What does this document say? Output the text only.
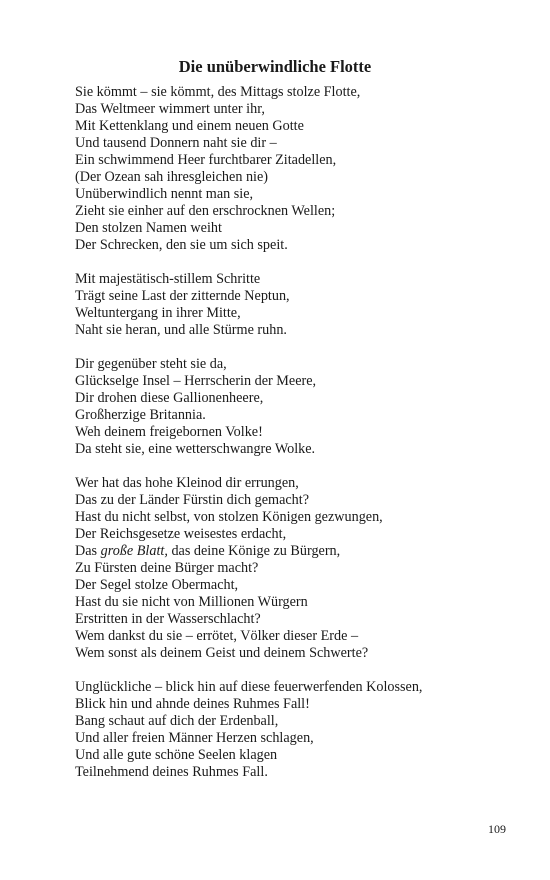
Die unüberwindliche Flotte
Sie kömmt – sie kömmt, des Mittags stolze Flotte,
Das Weltmeer wimmert unter ihr,
Mit Kettenklang und einem neuen Gotte
Und tausend Donnern naht sie dir –
Ein schwimmend Heer furchtbarer Zitadellen,
(Der Ozean sah ihresgleichen nie)
Unüberwindlich nennt man sie,
Zieht sie einher auf den erschrocknen Wellen;
Den stolzen Namen weiht
Der Schrecken, den sie um sich speit.
Mit majestätisch-stillem Schritte
Trägt seine Last der zitternde Neptun,
Weltuntergang in ihrer Mitte,
Naht sie heran, und alle Stürme ruhn.
Dir gegenüber steht sie da,
Glückselge Insel – Herrscherin der Meere,
Dir drohen diese Gallionenheere,
Großherzige Britannia.
Weh deinem freigebornen Volke!
Da steht sie, eine wetterschwangre Wolke.
Wer hat das hohe Kleinod dir errungen,
Das zu der Länder Fürstin dich gemacht?
Hast du nicht selbst, von stolzen Königen gezwungen,
Der Reichsgesetze weisestes erdacht,
Das große Blatt, das deine Könige zu Bürgern,
Zu Fürsten deine Bürger macht?
Der Segel stolze Obermacht,
Hast du sie nicht von Millionen Würgern
Erstritten in der Wasserschlacht?
Wem dankst du sie – errötet, Völker dieser Erde –
Wem sonst als deinem Geist und deinem Schwerte?
Unglückliche – blick hin auf diese feuerwerfenden Kolossen,
Blick hin und ahnde deines Ruhmes Fall!
Bang schaut auf dich der Erdenball,
Und aller freien Männer Herzen schlagen,
Und alle gute schöne Seelen klagen
Teilnehmend deines Ruhmes Fall.
109
